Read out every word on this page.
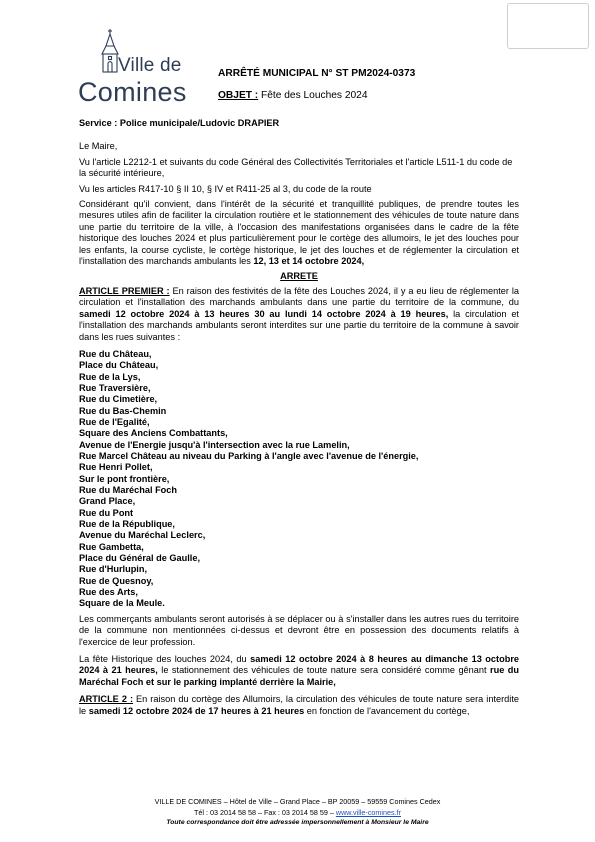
Ville de
Comines
ARRÊTÉ MUNICIPAL N° ST PM2024-0373
OBJET : Fête des Louches 2024

Service : Police municipale/Ludovic DRAPIER

Le Maire,

Vu l'article L2212-1 et suivants du code Général des Collectivités Territoriales et l'article L511-1 du code de la sécurité intérieure,

Vu les articles R417-10 § II 10, § IV et R411-25 al 3, du code de la route

Considérant qu'il convient, dans l'intérêt de la sécurité et tranquillité publiques, de prendre toutes les mesures utiles afin de faciliter la circulation routière et le stationnement des véhicules de toute nature dans une partie du territoire de la ville, à l'occasion des manifestations organisées dans le cadre de la fête historique des louches 2024 et plus particulièrement pour le cortège des allumoirs, le jet des louches pour les enfants, la course cycliste, le cortège historique, le jet des louches et de réglementer la circulation et l'installation des marchands ambulants les 12, 13 et 14 octobre 2024,

ARRETE

ARTICLE PREMIER : En raison des festivités de la fête des Louches 2024, il y a eu lieu de réglementer la circulation et l'installation des marchands ambulants dans une partie du territoire de la commune, du samedi 12 octobre 2024 à 13 heures 30 au lundi 14 octobre 2024 à 19 heures, la circulation et l'installation des marchands ambulants seront interdites sur une partie du territoire de la commune à savoir dans les rues suivantes :

Rue du Château,
Place du Château,
Rue de la Lys,
Rue Traversière,
Rue du Cimetière,
Rue du Bas-Chemin
Rue de l'Egalité,
Square des Anciens Combattants,
Avenue de l'Energie jusqu'à l'intersection avec la rue Lamelin,
Rue Marcel Château au niveau du Parking à l'angle avec l'avenue de l'énergie,
Rue Henri Pollet,
Sur le pont frontière,
Rue du Maréchal Foch
Grand Place,
Rue du Pont
Rue de la République,
Avenue du Maréchal Leclerc,
Rue Gambetta,
Place du Général de Gaulle,
Rue d'Hurlupin,
Rue de Quesnoy,
Rue des Arts,
Square de la Meule.

Les commerçants ambulants seront autorisés à se déplacer ou à s'installer dans les autres rues du territoire de la commune non mentionnées ci-dessus et devront être en possession des documents relatifs à l'exercice de leur profession.

La fête Historique des louches 2024, du samedi 12 octobre 2024 à 8 heures au dimanche 13 octobre 2024 à 21 heures, le stationnement des véhicules de toute nature sera considéré comme gênant rue du Maréchal Foch et sur le parking implanté derrière la Mairie,

ARTICLE 2 : En raison du cortège des Allumoirs, la circulation des véhicules de toute nature sera interdite le samedi 12 octobre 2024 de 17 heures à 21 heures en fonction de l'avancement du cortège,

VILLE DE COMINES – Hôtel de Ville – Grand Place – BP 20059 – 59559 Comines Cedex
Tél : 03 2014 58 58 – Fax : 03 2014 58 59 – www.ville-comines.fr
Toute correspondance doit être adressée impersonnellement à Monsieur le Maire
